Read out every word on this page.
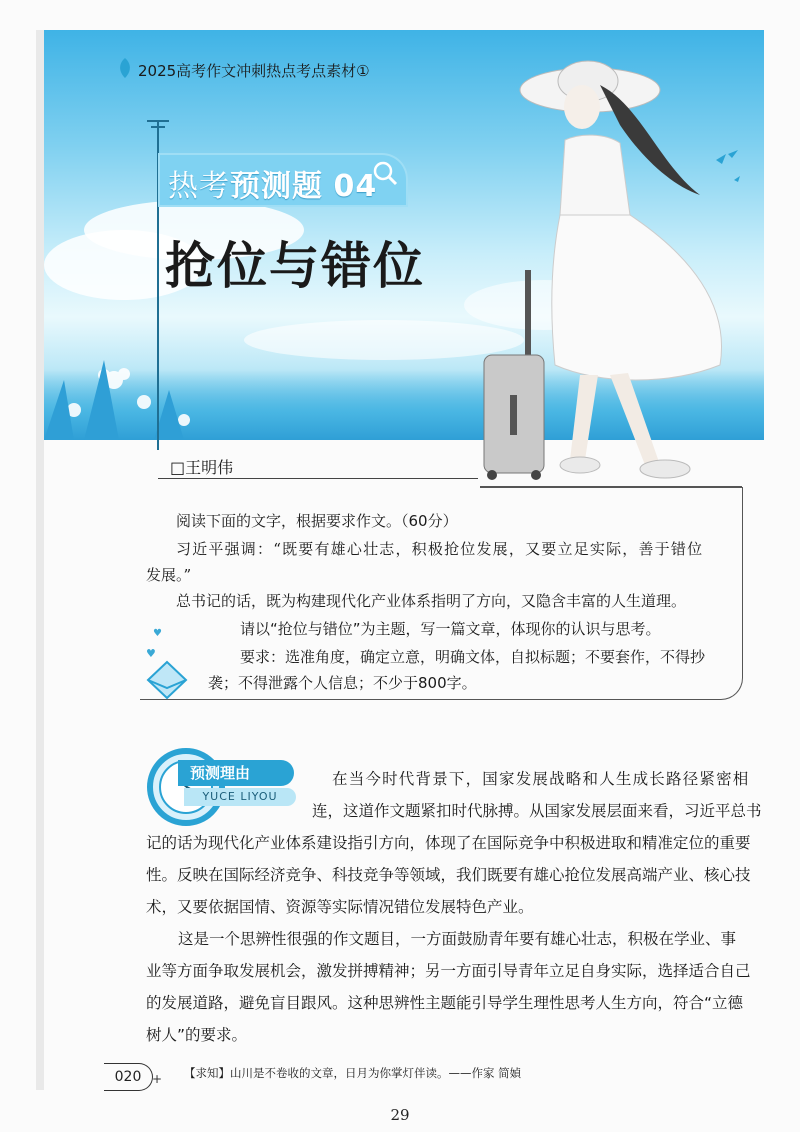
2025高考作文冲刺热点考点素材①
热考预测题 04
抢位与错位
□王明伟
阅读下面的文字，根据要求作文。（60分）
习近平强调：“既要有雄心壮志，积极抢位发展，又要立足实际，善于错位
发展。”
总书记的话，既为构建现代化产业体系指明了方向，又隐含丰富的人生道理。
请以“抢位与错位”为主题，写一篇文章，体现你的认识与思考。
要求：选准角度，确定立意，明确文体，自拟标题；不要套作，不得抄
袭；不得泄露个人信息；不少于800字。
♥
♥
预测理由
YUCE LIYOU
在当今时代背景下，国家发展战略和人生成长路径紧密相
连，这道作文题紧扣时代脉搏。从国家发展层面来看，习近平总书
记的话为现代化产业体系建设指引方向，体现了在国际竞争中积极进取和精准定位的重要
性。反映在国际经济竞争、科技竞争等领域，我们既要有雄心抢位发展高端产业、核心技
术，又要依据国情、资源等实际情况错位发展特色产业。
这是一个思辨性很强的作文题目，一方面鼓励青年要有雄心壮志，积极在学业、事
业等方面争取发展机会，激发拼搏精神；另一方面引导青年立足自身实际，选择适合自己
的发展道路，避免盲目跟风。这种思辨性主题能引导学生理性思考人生方向，符合“立德
树人”的要求。
020 + 【求知】山川是不卷收的文章，日月为你掌灯伴读。——作家 简媜
29
